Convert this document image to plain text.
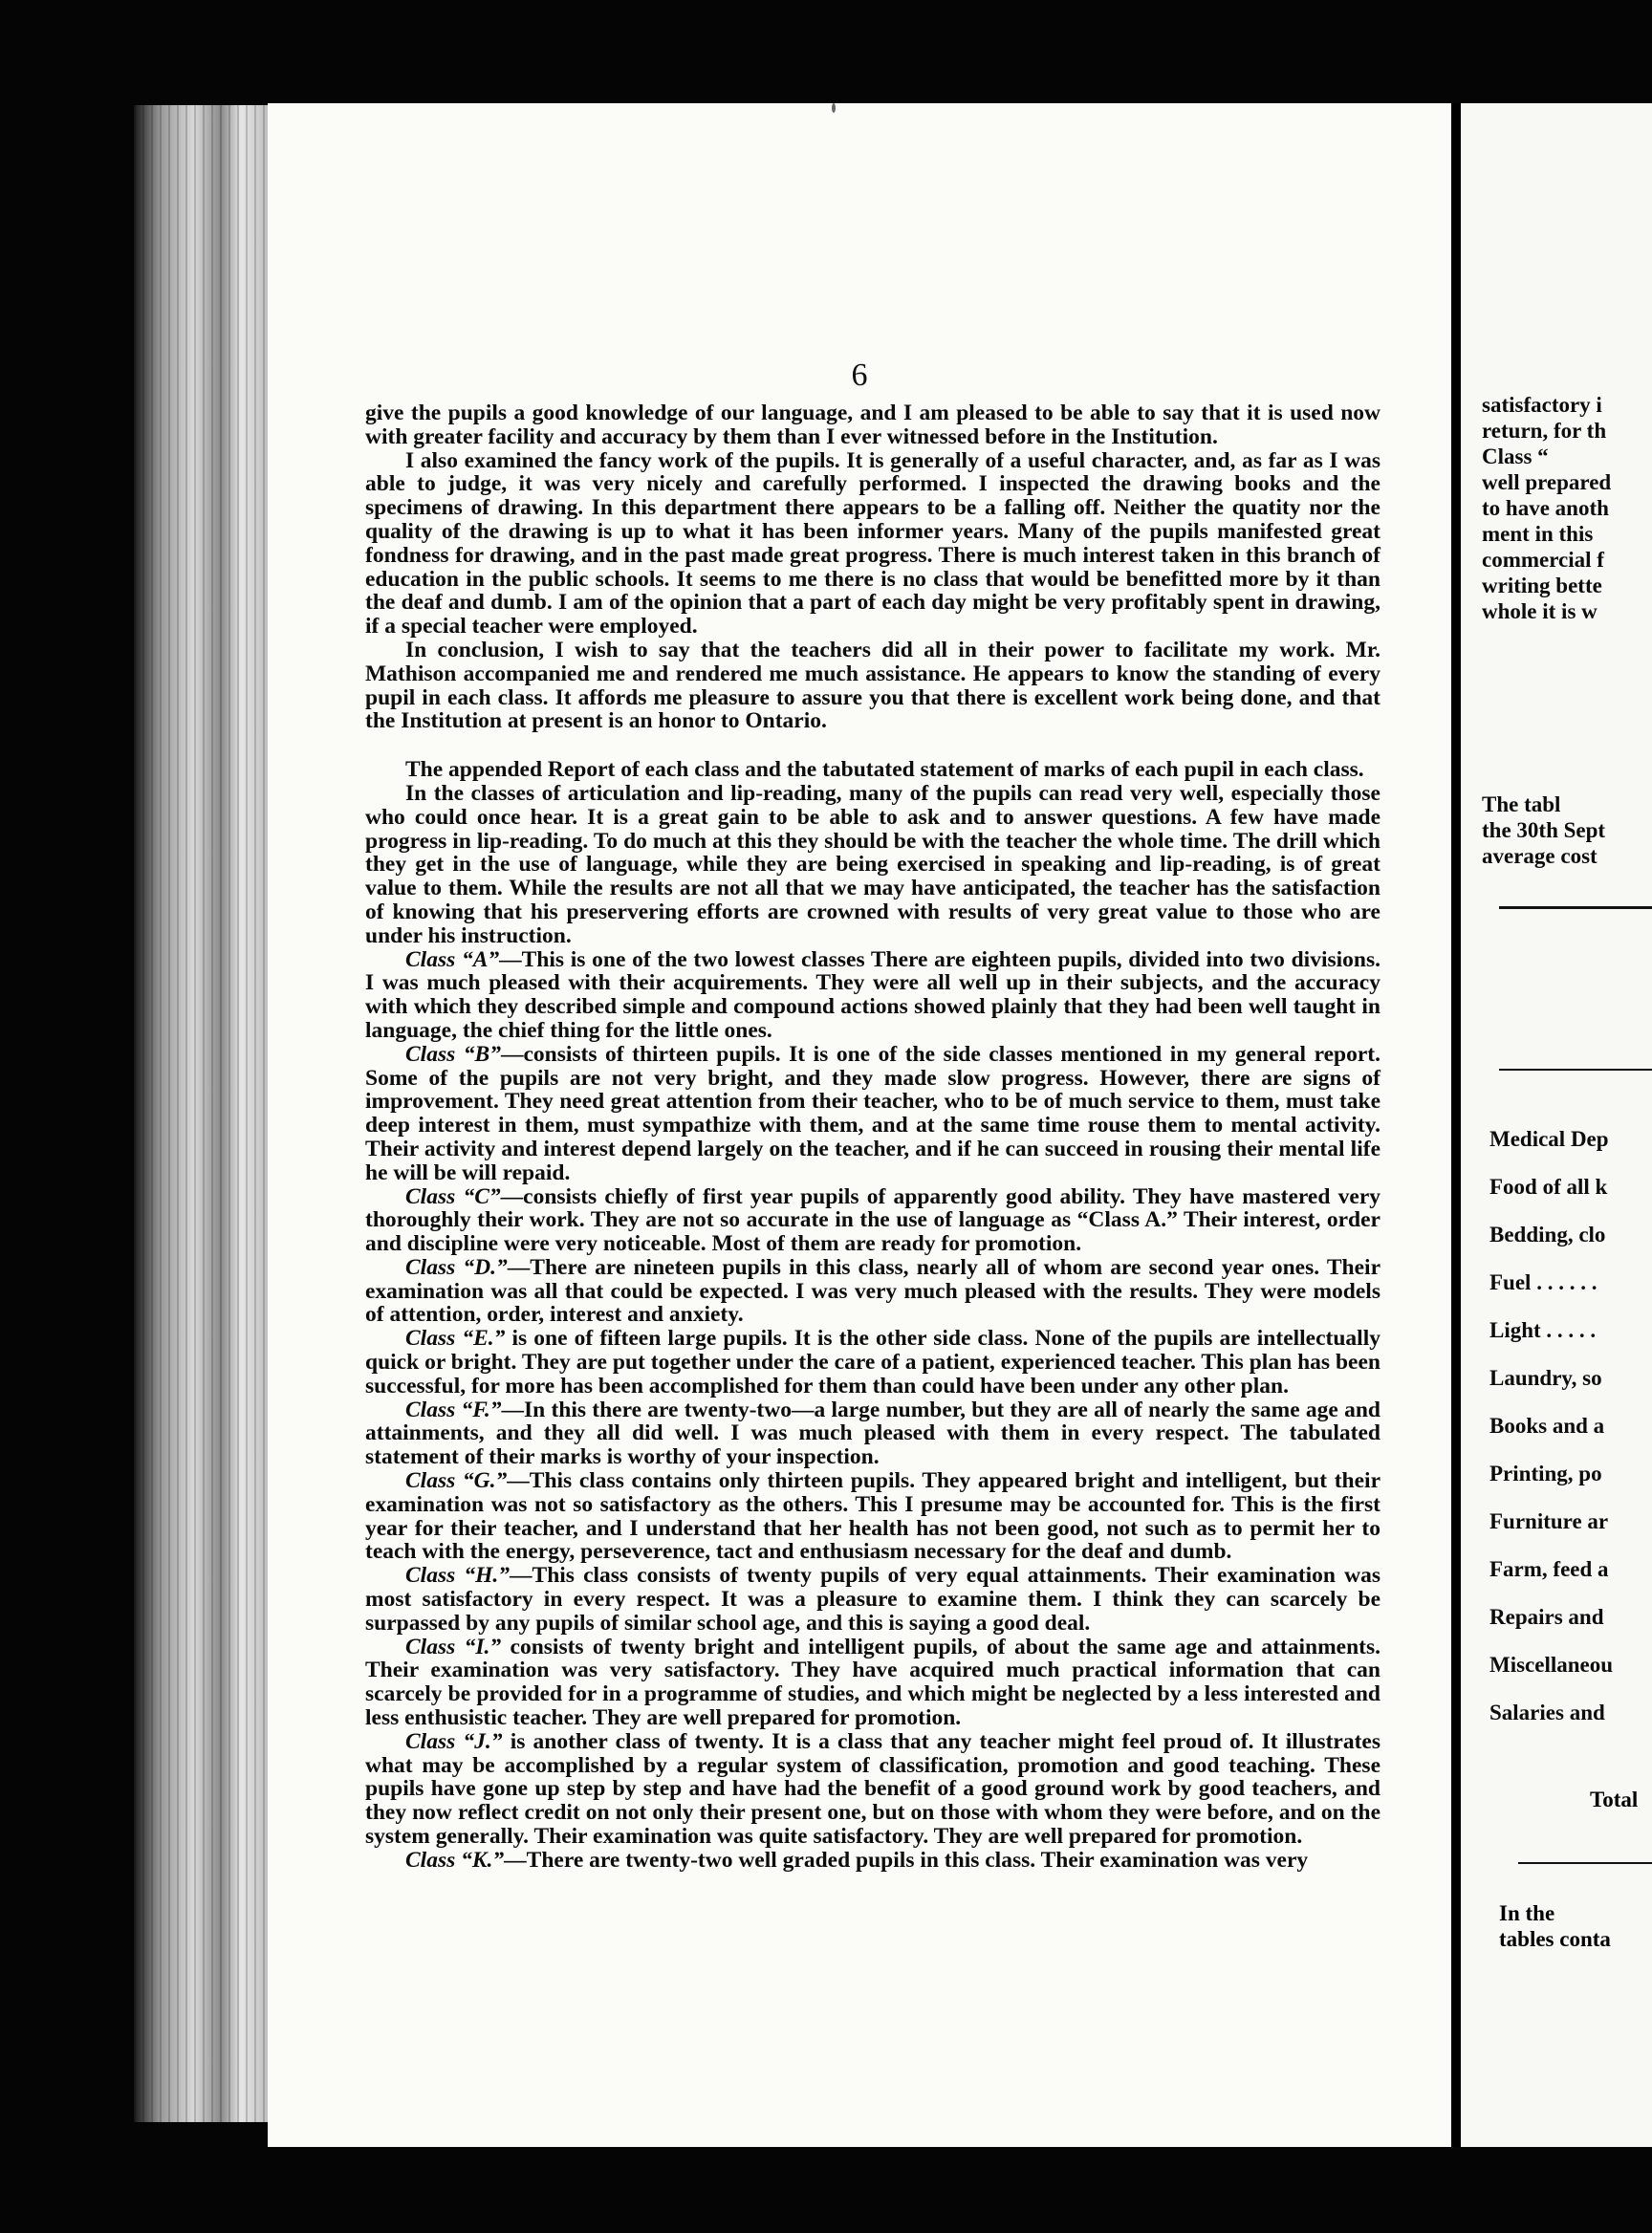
6

give the pupils a good knowledge of our language, and I am pleased to be able to say that it is used now with greater facility and accuracy by them than I ever witnessed before in the Institution.

I also examined the fancy work of the pupils. It is generally of a useful character, and, as far as I was able to judge, it was very nicely and carefully performed. I inspected the drawing books and the specimens of drawing. In this department there appears to be a falling off. Neither the quatity nor the quality of the drawing is up to what it has been informer years. Many of the pupils manifested great fondness for drawing, and in the past made great progress. There is much interest taken in this branch of education in the public schools. It seems to me there is no class that would be benefitted more by it than the deaf and dumb. I am of the opinion that a part of each day might be very profitably spent in drawing, if a special teacher were employed.

In conclusion, I wish to say that the teachers did all in their power to facilitate my work. Mr. Mathison accompanied me and rendered me much assistance. He appears to know the standing of every pupil in each class. It affords me pleasure to assure you that there is excellent work being done, and that the Institution at present is an honor to Ontario.

The appended Report of each class and the tabutated statement of marks of each pupil in each class.

In the classes of articulation and lip-reading, many of the pupils can read very well, especially those who could once hear. It is a great gain to be able to ask and to answer questions. A few have made progress in lip-reading. To do much at this they should be with the teacher the whole time. The drill which they get in the use of language, while they are being exercised in speaking and lip-reading, is of great value to them. While the results are not all that we may have anticipated, the teacher has the satisfaction of knowing that his preservering efforts are crowned with results of very great value to those who are under his instruction.

Class “A”—This is one of the two lowest classes There are eighteen pupils, divided into two divisions. I was much pleased with their acquirements. They were all well up in their subjects, and the accuracy with which they described simple and compound actions showed plainly that they had been well taught in language, the chief thing for the little ones.

Class “B”—consists of thirteen pupils. It is one of the side classes mentioned in my general report. Some of the pupils are not very bright, and they made slow progress. However, there are signs of improvement. They need great attention from their teacher, who to be of much service to them, must take deep interest in them, must sympathize with them, and at the same time rouse them to mental activity. Their activity and interest depend largely on the teacher, and if he can succeed in rousing their mental life he will be will repaid.

Class “C”—consists chiefly of first year pupils of apparently good ability. They have mastered very thoroughly their work. They are not so accurate in the use of language as “Class A.” Their interest, order and discipline were very noticeable. Most of them are ready for promotion.

Class “D.”—There are nineteen pupils in this class, nearly all of whom are second year ones. Their examination was all that could be expected. I was very much pleased with the results. They were models of attention, order, interest and anxiety.

Class “E.” is one of fifteen large pupils. It is the other side class. None of the pupils are intellectually quick or bright. They are put together under the care of a patient, experienced teacher. This plan has been successful, for more has been accomplished for them than could have been under any other plan.

Class “F.”—In this there are twenty-two—a large number, but they are all of nearly the same age and attainments, and they all did well. I was much pleased with them in every respect. The tabulated statement of their marks is worthy of your inspection.

Class “G.”—This class contains only thirteen pupils. They appeared bright and intelligent, but their examination was not so satisfactory as the others. This I presume may be accounted for. This is the first year for their teacher, and I understand that her health has not been good, not such as to permit her to teach with the energy, perseverence, tact and enthusiasm necessary for the deaf and dumb.

Class “H.”—This class consists of twenty pupils of very equal attainments. Their examination was most satisfactory in every respect. It was a pleasure to examine them. I think they can scarcely be surpassed by any pupils of similar school age, and this is saying a good deal.

Class “I.” consists of twenty bright and intelligent pupils, of about the same age and attainments. Their examination was very satisfactory. They have acquired much practical information that can scarcely be provided for in a programme of studies, and which might be neglected by a less interested and less enthusistic teacher. They are well prepared for promotion.

Class “J.” is another class of twenty. It is a class that any teacher might feel proud of. It illustrates what may be accomplished by a regular system of classification, promotion and good teaching. These pupils have gone up step by step and have had the benefit of a good ground work by good teachers, and they now reflect credit on not only their present one, but on those with whom they were before, and on the system generally. Their examination was quite satisfactory. They are well prepared for promotion.

Class “K.”—There are twenty-two well graded pupils in this class. Their examination was very

satisfactory i
return, for th
Class “
well prepared
to have anoth
ment in this
commercial f
writing bette
whole it is w
The tabl
the 30th Sept
average cost
Medical Dep
Food of all k
Bedding, clo
Fuel . . . . . .
Light . . . . .
Laundry, so
Books and a
Printing, po
Furniture ar
Farm, feed a
Repairs and
Miscellaneou
Salaries and
Total
In the
tables conta
